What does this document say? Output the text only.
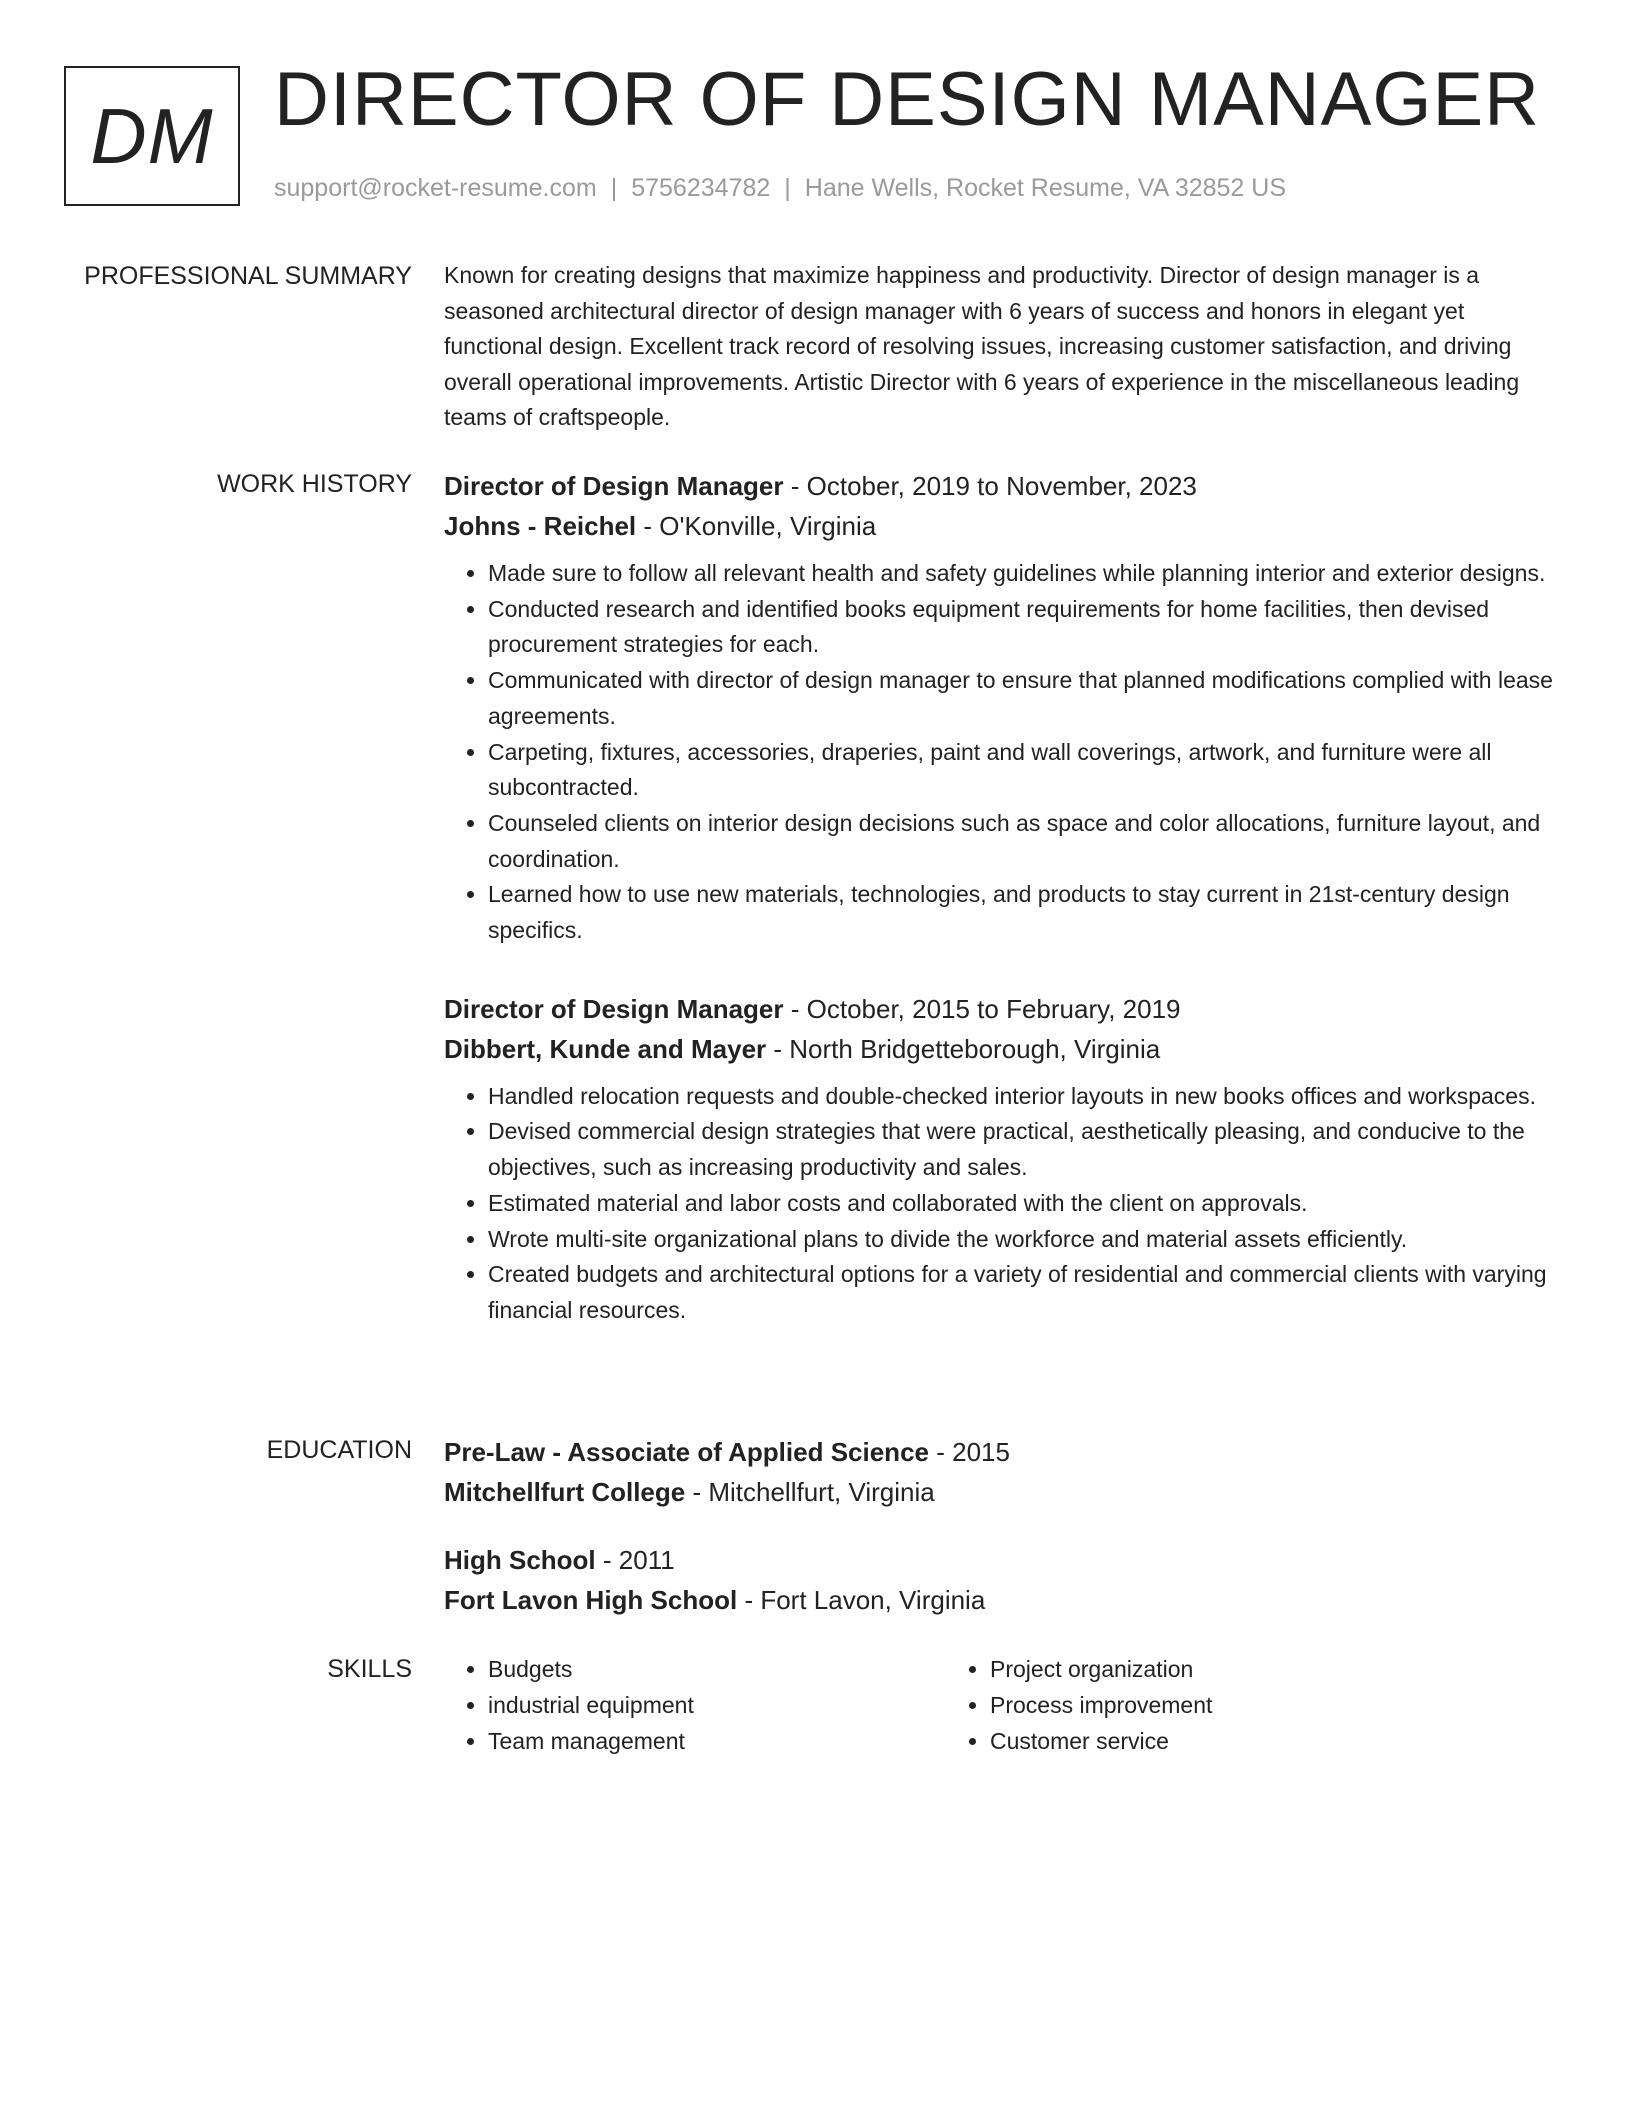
DM DIRECTOR OF DESIGN MANAGER
support@rocket-resume.com | 5756234782 | Hane Wells, Rocket Resume, VA 32852 US
PROFESSIONAL SUMMARY Known for creating designs that maximize happiness and productivity. Director of design manager is a seasoned architectural director of design manager with 6 years of success and honors in elegant yet functional design. Excellent track record of resolving issues, increasing customer satisfaction, and driving overall operational improvements. Artistic Director with 6 years of experience in the miscellaneous leading teams of craftspeople.

WORK HISTORY Director of Design Manager - October, 2019 to November, 2023
Johns - Reichel - O'Konville, Virginia
• Made sure to follow all relevant health and safety guidelines while planning interior and exterior designs.
• Conducted research and identified books equipment requirements for home facilities, then devised procurement strategies for each.
• Communicated with director of design manager to ensure that planned modifications complied with lease agreements.
• Carpeting, fixtures, accessories, draperies, paint and wall coverings, artwork, and furniture were all subcontracted.
• Counseled clients on interior design decisions such as space and color allocations, furniture layout, and coordination.
• Learned how to use new materials, technologies, and products to stay current in 21st-century design specifics.
Director of Design Manager - October, 2015 to February, 2019
Dibbert, Kunde and Mayer - North Bridgetteborough, Virginia
• Handled relocation requests and double-checked interior layouts in new books offices and workspaces.
• Devised commercial design strategies that were practical, aesthetically pleasing, and conducive to the objectives, such as increasing productivity and sales.
• Estimated material and labor costs and collaborated with the client on approvals.
• Wrote multi-site organizational plans to divide the workforce and material assets efficiently.
• Created budgets and architectural options for a variety of residential and commercial clients with varying financial resources.
EDUCATION Pre-Law - Associate of Applied Science - 2015
Mitchellfurt College - Mitchellfurt, Virginia
High School - 2011
Fort Lavon High School - Fort Lavon, Virginia
SKILLS
•	Budgets
• industrial equipment
• Team management
• Project organization
• Process improvement
• Customer service
